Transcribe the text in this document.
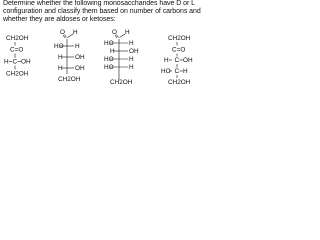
Determine whether the following monosaccharides have D or L

configuration and classify them based on number of carbons and

whether they are aldoses or ketoses:

CH2OH
C=O
H C OH
CH2OH
O H
HO H
H OH
H OH
CH2OH
O H
HO H
H OH
HO H
HO H
CH2OH
CH2OH
C=O
H C OH
HO C H
CH2OH
